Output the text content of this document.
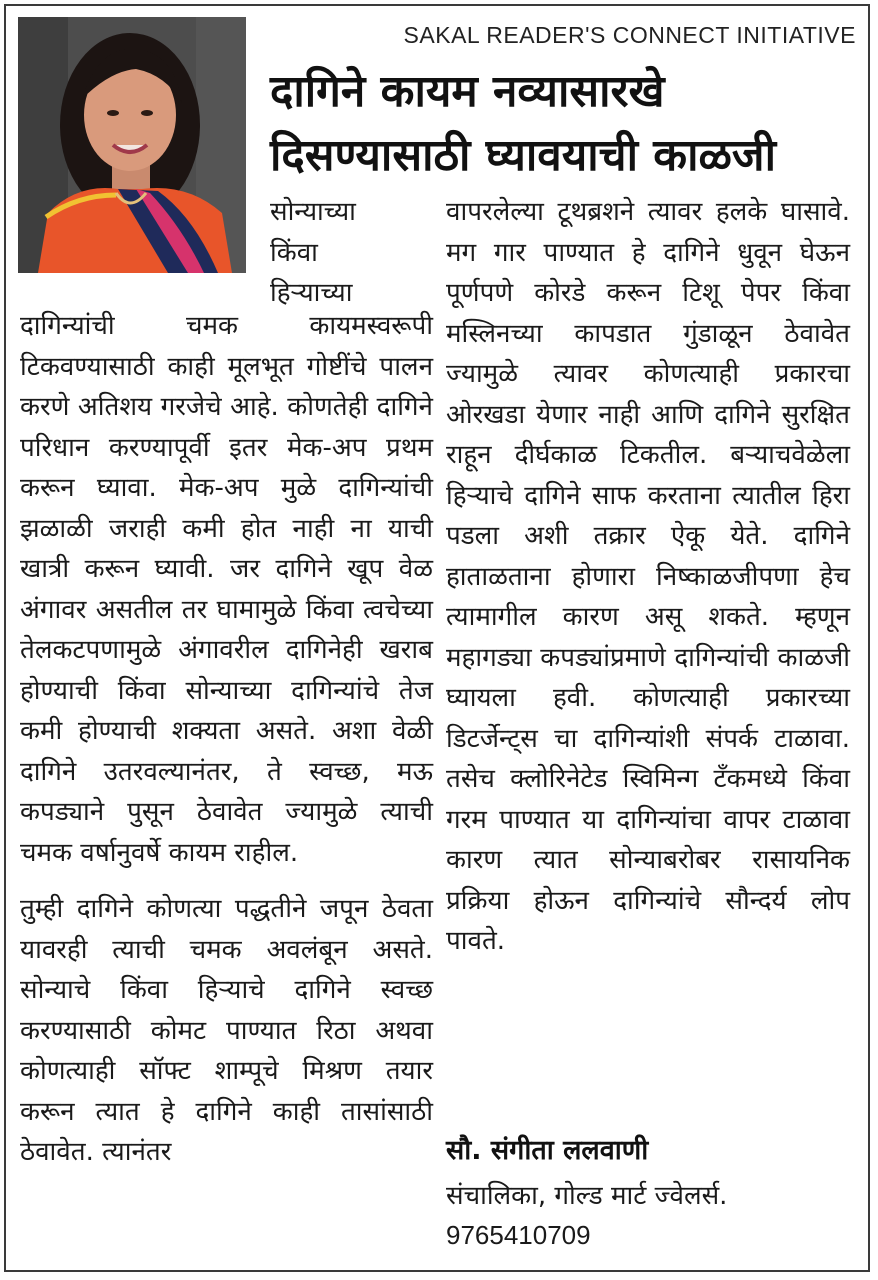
SAKAL READER'S CONNECT INITIATIVE
दागिने कायम नव्यासारखे
दिसण्यासाठी घ्यावयाची काळजी
सोन्याच्या
किंवा
हिऱ्याच्या

दागिन्यांची चमक कायमस्वरूपी टिकवण्यासाठी काही मूलभूत गोष्टींचे पालन करणे अतिशय गरजेचे आहे. कोणतेही दागिने परिधान करण्यापूर्वी इतर मेक-अप प्रथम करून घ्यावा. मेक-अप मुळे दागिन्यांची झळाळी जराही कमी होत नाही ना याची खात्री करून घ्यावी. जर दागिने खूप वेळ अंगावर असतील तर घामामुळे किंवा त्वचेच्या तेलकटपणामुळे अंगावरील दागिनेही खराब होण्याची किंवा सोन्याच्या दागिन्यांचे तेज कमी होण्याची शक्यता असते. अशा वेळी दागिने उतरवल्यानंतर, ते स्वच्छ, मऊ कपड्याने पुसून ठेवावेत ज्यामुळे त्याची चमक वर्षानुवर्षे कायम राहील.

तुम्ही दागिने कोणत्या पद्धतीने जपून ठेवता यावरही त्याची चमक अवलंबून असते. सोन्याचे किंवा हिऱ्याचे दागिने स्वच्छ करण्यासाठी कोमट पाण्यात रिठा अथवा कोणत्याही सॉफ्ट शाम्पूचे मिश्रण तयार करून त्यात हे दागिने काही तासांसाठी ठेवावेत. त्यानंतर

वापरलेल्या टूथब्रशने त्यावर हलके घासावे. मग गार पाण्यात हे दागिने धुवून घेऊन पूर्णपणे कोरडे करून टिशू पेपर किंवा मस्लिनच्या कापडात गुंडाळून ठेवावेत ज्यामुळे त्यावर कोणत्याही प्रकारचा ओरखडा येणार नाही आणि दागिने सुरक्षित राहून दीर्घकाळ टिकतील. बऱ्याचवेळेला हिऱ्याचे दागिने साफ करताना त्यातील हिरा पडला अशी तक्रार ऐकू येते. दागिने हाताळताना होणारा निष्काळजीपणा हेच त्यामागील कारण असू शकते. म्हणून महागड्या कपड्यांप्रमाणे दागिन्यांची काळजी घ्यायला हवी. कोणत्याही प्रकारच्या डिटर्जेन्ट्स चा दागिन्यांशी संपर्क टाळावा. तसेच क्लोरिनेटेड स्विमिन्ग टँकमध्ये किंवा गरम पाण्यात या दागिन्यांचा वापर टाळावा कारण त्यात सोन्याबरोबर रासायनिक प्रक्रिया होऊन दागिन्यांचे सौन्दर्य लोप पावते.

सौ. संगीता ललवाणी
संचालिका, गोल्ड मार्ट ज्वेलर्स.
9765410709
